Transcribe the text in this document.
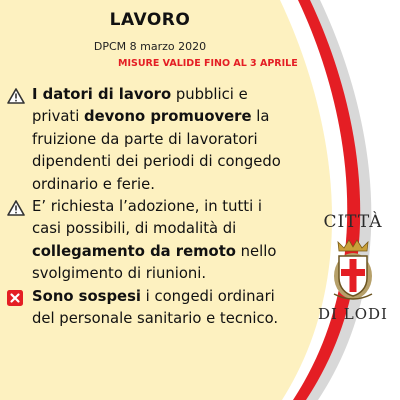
LAVORO
DPCM 8 marzo 2020
MISURE VALIDE FINO AL 3 APRILE
I datori di lavoro pubblici e privati devono promuovere la fruizione da parte di lavoratori dipendenti dei periodi di congedo ordinario e ferie.
E’ richiesta l’adozione, in tutti i casi possibili, di modalità di collegamento da remoto nello svolgimento di riunioni.
Sono sospesi i congedi ordinari del personale sanitario e tecnico.
CITTÀ
DI LODI
